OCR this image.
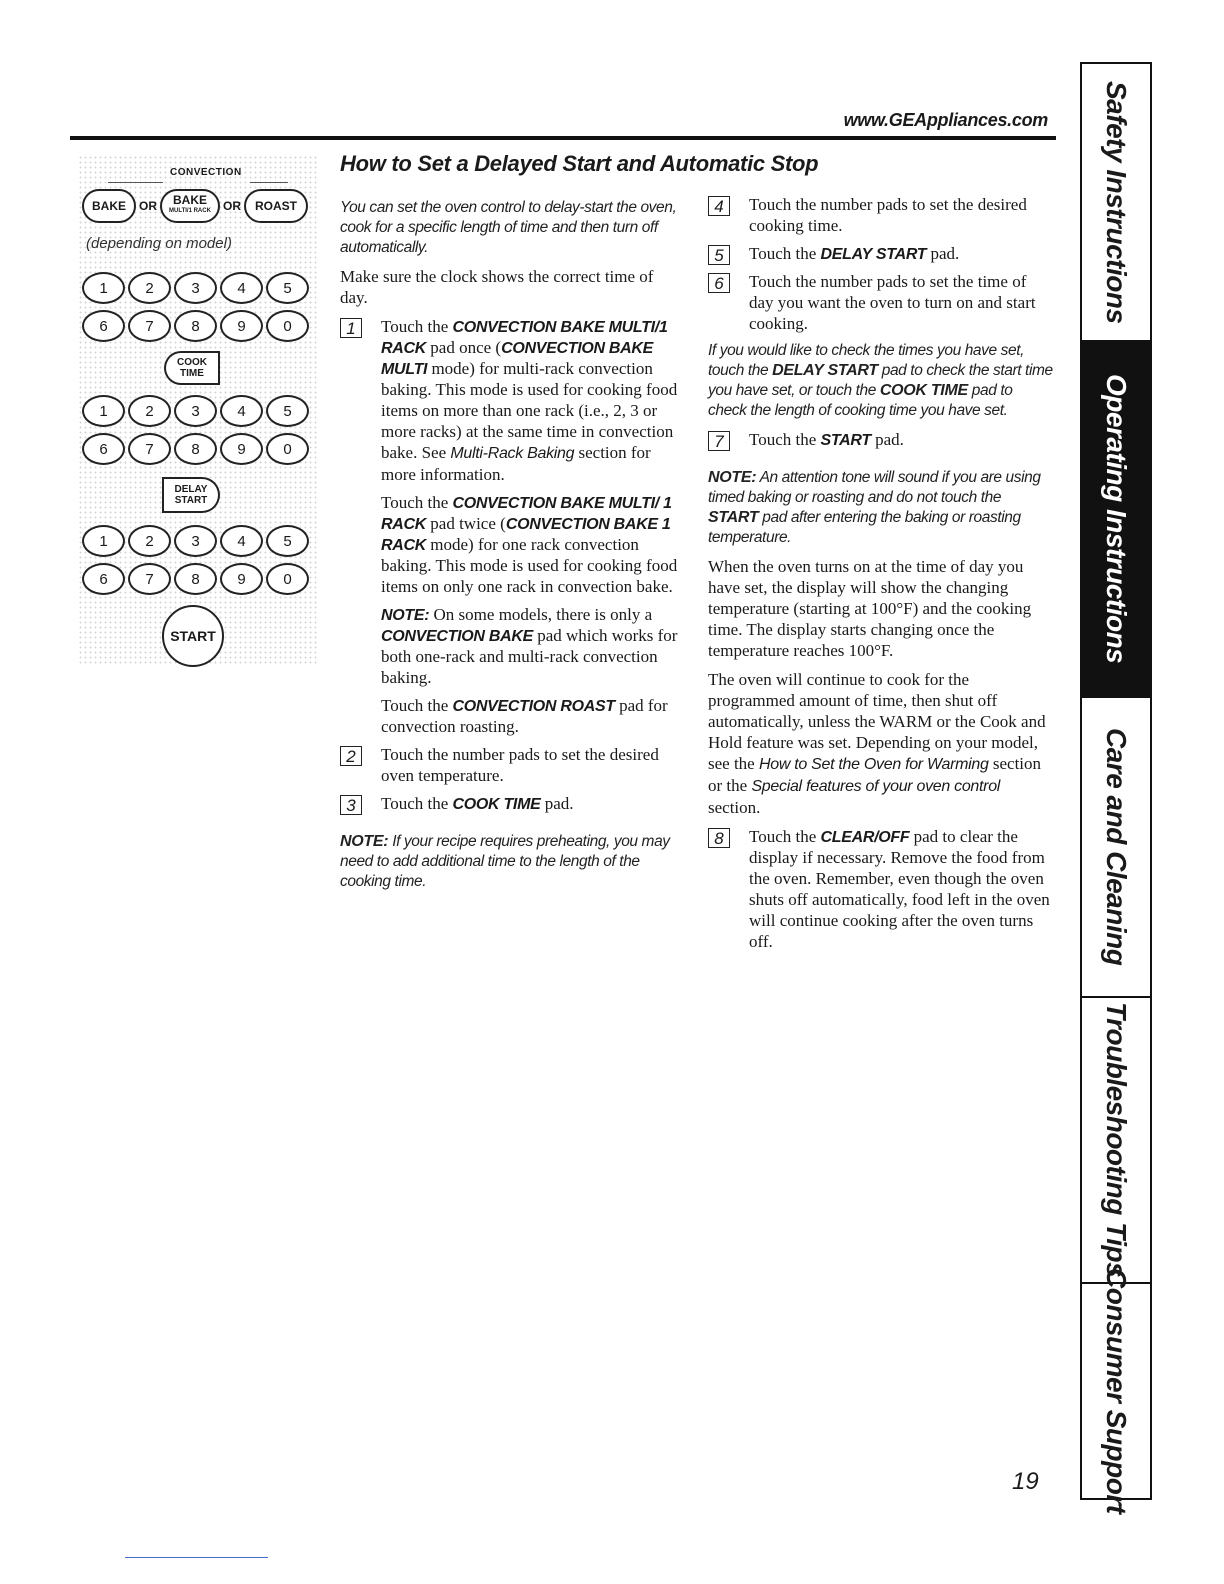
www.GEAppliances.com
CONVECTION
BAKE	OR BAKE
MULTI/1 RACK OR	ROAST
(depending on model)
1	2	3	4	5
6	7	8	9	0
COOK
TIME
1	2	3	4	5
6	7	8	9	0
DELAY
START
1	2	3	4	5
6	7	8	9	0
START
How to Set a Delayed Start and Automatic Stop

You can set the oven control to delay-start the oven, cook for a specific length of time and then turn off automatically.

Make sure the clock shows the correct time of day.

1	Touch the CONVECTION BAKE MULTI/1 RACK pad once (CONVECTION BAKE MULTI mode) for multi-rack convection baking. This mode is used for cooking food items on more than one rack (i.e., 2, 3 or more racks) at the same time in convection bake. See Multi-Rack Baking section for more information.
Touch the CONVECTION BAKE MULTI/ 1 RACK pad twice (CONVECTION BAKE 1 RACK mode) for one rack convection baking. This mode is used for cooking food items on only one rack in convection bake.
NOTE: On some models, there is only a CONVECTION BAKE pad which works for both one-rack and multi-rack convection baking.
Touch the CONVECTION ROAST pad for convection roasting.
2	Touch the number pads to set the desired oven temperature.
3	Touch the COOK TIME pad.

NOTE: If your recipe requires preheating, you may need to add additional time to the length of the cooking time.

4	Touch the number pads to set the desired cooking time.
5	Touch the DELAY START pad.
6	Touch the number pads to set the time of day you want the oven to turn on and start cooking.

If you would like to check the times you have set, touch the DELAY START pad to check the start time you have set, or touch the COOK TIME pad to check the length of cooking time you have set.

7	Touch the START pad.

NOTE: An attention tone will sound if you are using timed baking or roasting and do not touch the START pad after entering the baking or roasting temperature.

When the oven turns on at the time of day you have set, the display will show the changing temperature (starting at 100°F) and the cooking time. The display starts changing once the temperature reaches 100°F.

The oven will continue to cook for the programmed amount of time, then shut off automatically, unless the WARM or the Cook and Hold feature was set. Depending on your model, see the How to Set the Oven for Warming section or the Special features of your oven control section.

8	Touch the CLEAR/OFF pad to clear the display if necessary. Remove the food from the oven. Remember, even though the oven shuts off automatically, food left in the oven will continue cooking after the oven turns off.
Safety Instructions
Operating Instructions
Care and Cleaning
Troubleshooting Tips
Consumer Support
19
